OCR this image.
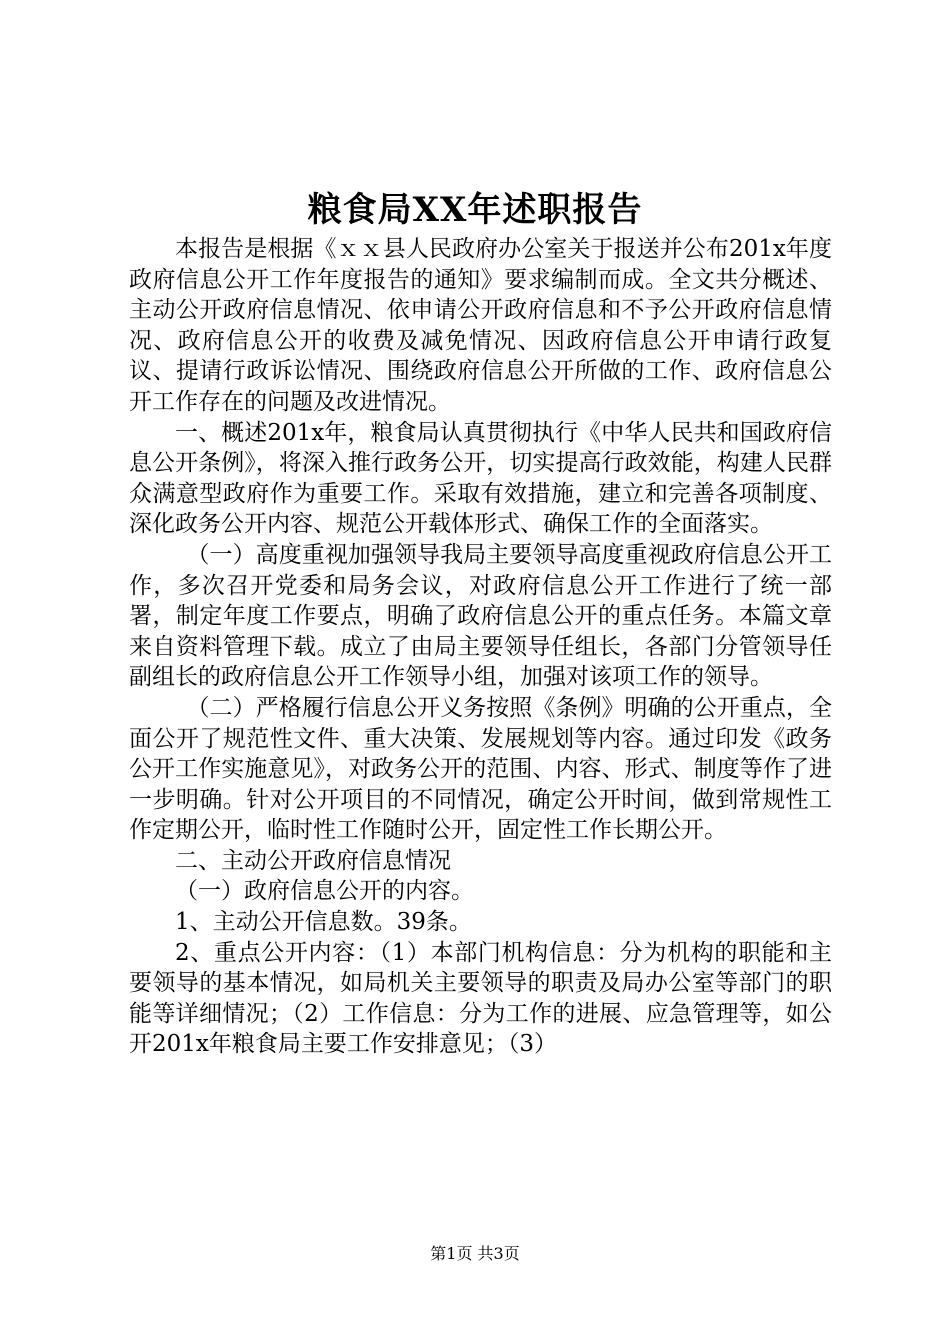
粮食局XX年述职报告

本报告是根据《ｘｘ县人民政府办公室关于报送并公布201x年度政府信息公开工作年度报告的通知》要求编制而成。全文共分概述、主动公开政府信息情况、依申请公开政府信息和不予公开政府信息情况、政府信息公开的收费及减免情况、因政府信息公开申请行政复议、提请行政诉讼情况、围绕政府信息公开所做的工作、政府信息公开工作存在的问题及改进情况。

一、概述201x年，粮食局认真贯彻执行《中华人民共和国政府信息公开条例》，将深入推行政务公开，切实提高行政效能，构建人民群众满意型政府作为重要工作。采取有效措施，建立和完善各项制度、深化政务公开内容、规范公开载体形式、确保工作的全面落实。

（一）高度重视加强领导我局主要领导高度重视政府信息公开工作，多次召开党委和局务会议，对政府信息公开工作进行了统一部署，制定年度工作要点，明确了政府信息公开的重点任务。本篇文章来自资料管理下载。成立了由局主要领导任组长，各部门分管领导任副组长的政府信息公开工作领导小组，加强对该项工作的领导。

（二）严格履行信息公开义务按照《条例》明确的公开重点，全面公开了规范性文件、重大决策、发展规划等内容。通过印发《政务公开工作实施意见》，对政务公开的范围、内容、形式、制度等作了进一步明确。针对公开项目的不同情况，确定公开时间，做到常规性工作定期公开，临时性工作随时公开，固定性工作长期公开。

二、主动公开政府信息情况

（一）政府信息公开的内容。

1、主动公开信息数。39条。

2、重点公开内容：（1）本部门机构信息：分为机构的职能和主要领导的基本情况，如局机关主要领导的职责及局办公室等部门的职能等详细情况；（2）工作信息：分为工作的进展、应急管理等，如公开201x年粮食局主要工作安排意见；（3）

第1页 共3页
